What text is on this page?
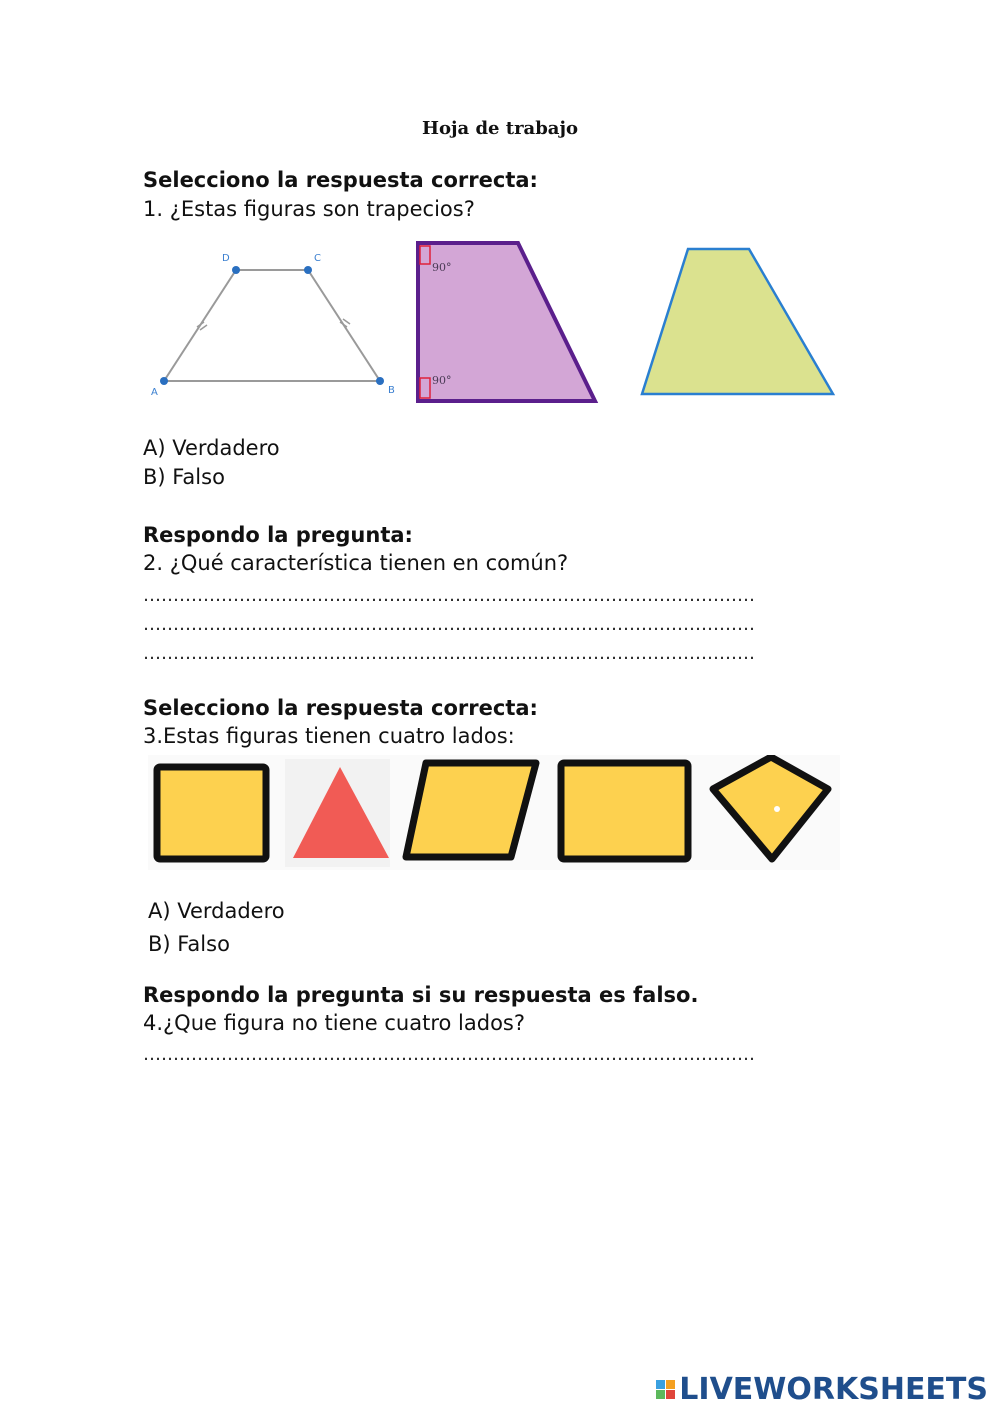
Hoja de trabajo
Selecciono la respuesta correcta:
1. ¿Estas figuras son trapecios?
D	C
A	B
90°
90°
A) Verdadero
B) Falso
Respondo la pregunta:
2. ¿Qué característica tienen en común?
…………………………………………………………………………………………
…………………………………………………………………………………………
…………………………………………………………………………………………
Selecciono la respuesta correcta:
3.Estas figuras tienen cuatro lados:
A) Verdadero
B) Falso
Respondo la pregunta si su respuesta es falso.
4.¿Que figura no tiene cuatro lados?
…………………………………………………………………………………………
LIVEWORKSHEETS
